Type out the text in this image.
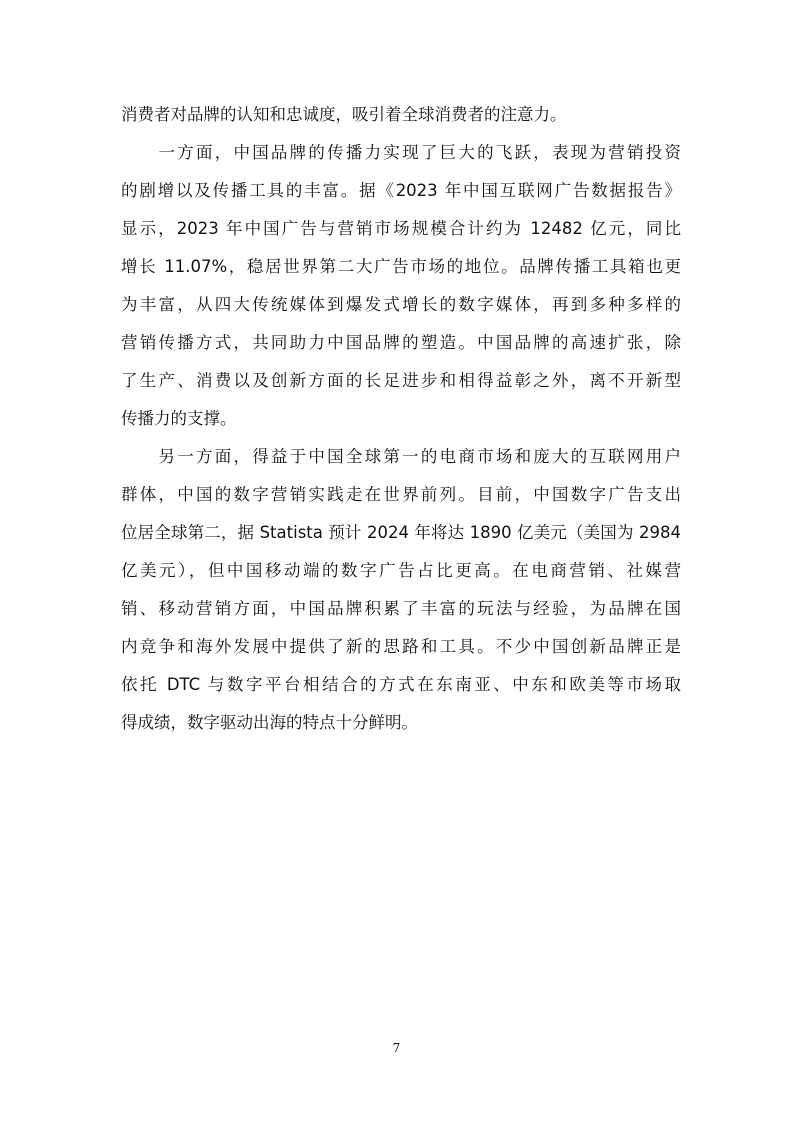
消费者对品牌的认知和忠诚度，吸引着全球消费者的注意力。
　　一方面，中国品牌的传播力实现了巨大的飞跃，表现为营销投资
的剧增以及传播工具的丰富。据《2023 年中国互联网广告数据报告》
显示，2023 年中国广告与营销市场规模合计约为 12482 亿元，同比
增长 11.07%，稳居世界第二大广告市场的地位。品牌传播工具箱也更
为丰富，从四大传统媒体到爆发式增长的数字媒体，再到多种多样的
营销传播方式，共同助力中国品牌的塑造。中国品牌的高速扩张，除
了生产、消费以及创新方面的长足进步和相得益彰之外，离不开新型
传播力的支撑。
　　另一方面，得益于中国全球第一的电商市场和庞大的互联网用户
群体，中国的数字营销实践走在世界前列。目前，中国数字广告支出
位居全球第二，据 Statista 预计 2024 年将达 1890 亿美元（美国为 2984
亿美元），但中国移动端的数字广告占比更高。在电商营销、社媒营
销、移动营销方面，中国品牌积累了丰富的玩法与经验，为品牌在国
内竞争和海外发展中提供了新的思路和工具。不少中国创新品牌正是
依托 DTC 与数字平台相结合的方式在东南亚、中东和欧美等市场取
得成绩，数字驱动出海的特点十分鲜明。
7
